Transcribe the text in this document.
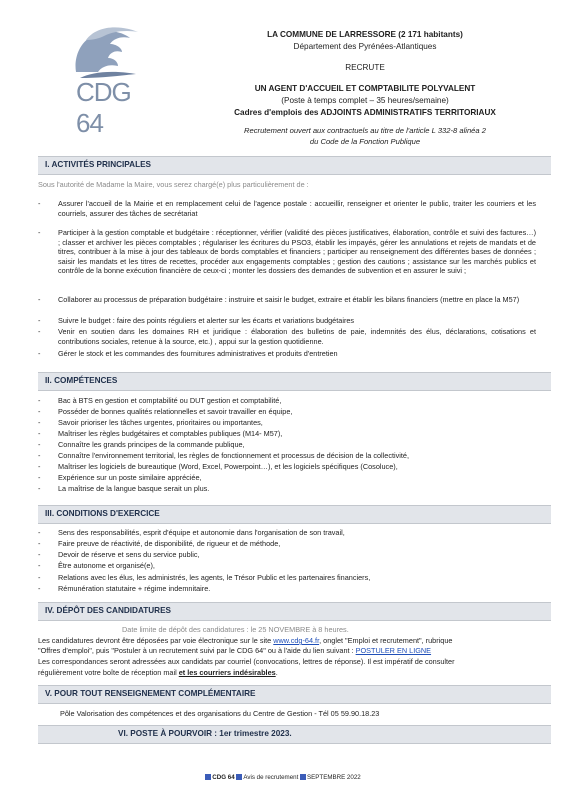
CDG 64
LA COMMUNE DE LARRESSORE (2 171 habitants)
Département des Pyrénées-Atlantiques
RECRUTE
UN AGENT D'ACCUEIL ET COMPTABILITE POLYVALENT
(Poste à temps complet – 35 heures/semaine)
Cadres d'emplois des ADJOINTS ADMINISTRATIFS TERRITORIAUX
Recrutement ouvert aux contractuels au titre de l'article L 332-8 alinéa 2
du Code de la Fonction Publique
I. ACTIVITÉS PRINCIPALES
Sous l'autorité de Madame la Maire, vous serez chargé(e) plus particulièrement de :
- Assurer l'accueil de la Mairie et en remplacement celui de l'agence postale : accueillir, renseigner et orienter le public, traiter les courriers et les courriels, assurer des tâches de secrétariat
- Participer à la gestion comptable et budgétaire : réceptionner, vérifier (validité des pièces justificatives, élaboration, contrôle et suivi des factures…) ; classer et archiver les pièces comptables ; régulariser les écritures du PSO3, établir les impayés, gérer les annulations et rejets de mandats et de titres, contribuer à la mise à jour des tableaux de bords comptables et financiers ; participer au renseignement des différentes bases de données ; saisir les mandats et les titres de recettes, procéder aux engagements comptables ; gestion des cautions ; assistance sur les marchés publics et contrôle de la bonne exécution financière de ceux-ci ; monter les dossiers des demandes de subvention et en assurer le suivi ;
- Collaborer au processus de préparation budgétaire : instruire et saisir le budget, extraire et établir les bilans financiers (mettre en place la M57)
- Suivre le budget : faire des points réguliers et alerter sur les écarts et variations budgétaires
- Venir en soutien dans les domaines RH et juridique : élaboration des bulletins de paie, indemnités des élus, déclarations, cotisations et contributions sociales, retenue à la source, etc.) , appui sur la gestion quotidienne.
- Gérer le stock et les commandes des fournitures administratives et produits d'entretien
II. COMPÉTENCES
- Bac à BTS en gestion et comptabilité ou DUT gestion et comptabilité,
- Posséder de bonnes qualités relationnelles et savoir travailler en équipe,
- Savoir prioriser les tâches urgentes, prioritaires ou importantes,
- Maîtriser les règles budgétaires et comptables publiques (M14- M57),
- Connaître les grands principes de la commande publique,
- Connaître l'environnement territorial, les règles de fonctionnement et processus de décision de la collectivité,
- Maîtriser les logiciels de bureautique (Word, Excel, Powerpoint…), et les logiciels spécifiques (Cosoluce),
- Expérience sur un poste similaire appréciée,
- La maîtrise de la langue basque serait un plus.
III. CONDITIONS D'EXERCICE
- Sens des responsabilités, esprit d'équipe et autonomie dans l'organisation de son travail,
- Faire preuve de réactivité, de disponibilité, de rigueur et de méthode,
- Devoir de réserve et sens du service public,
- Être autonome et organisé(e),
- Relations avec les élus, les administrés, les agents, le Trésor Public et les partenaires financiers,
- Rémunération statutaire + régime indemnitaire.
IV. DÉPÔT DES CANDIDATURES
Date limite de dépôt des candidatures : le 25 NOVEMBRE à 8 heures.
Les candidatures devront être déposées par voie électronique sur le site www.cdg-64.fr, onglet "Emploi et recrutement", rubrique
"Offres d'emploi", puis "Postuler à un recrutement suivi par le CDG 64" ou à l'aide du lien suivant : POSTULER EN LIGNE
Les correspondances seront adressées aux candidats par courriel (convocations, lettres de réponse). Il est impératif de consulter
régulièrement votre boîte de réception mail et les courriers indésirables.
V. POUR TOUT RENSEIGNEMENT COMPLÉMENTAIRE
Pôle Valorisation des compétences et des organisations du Centre de Gestion - Tél 05 59.90.18.23
VI. POSTE À POURVOIR : 1er trimestre 2023.
CDG 64 Avis de recrutement SEPTEMBRE 2022
